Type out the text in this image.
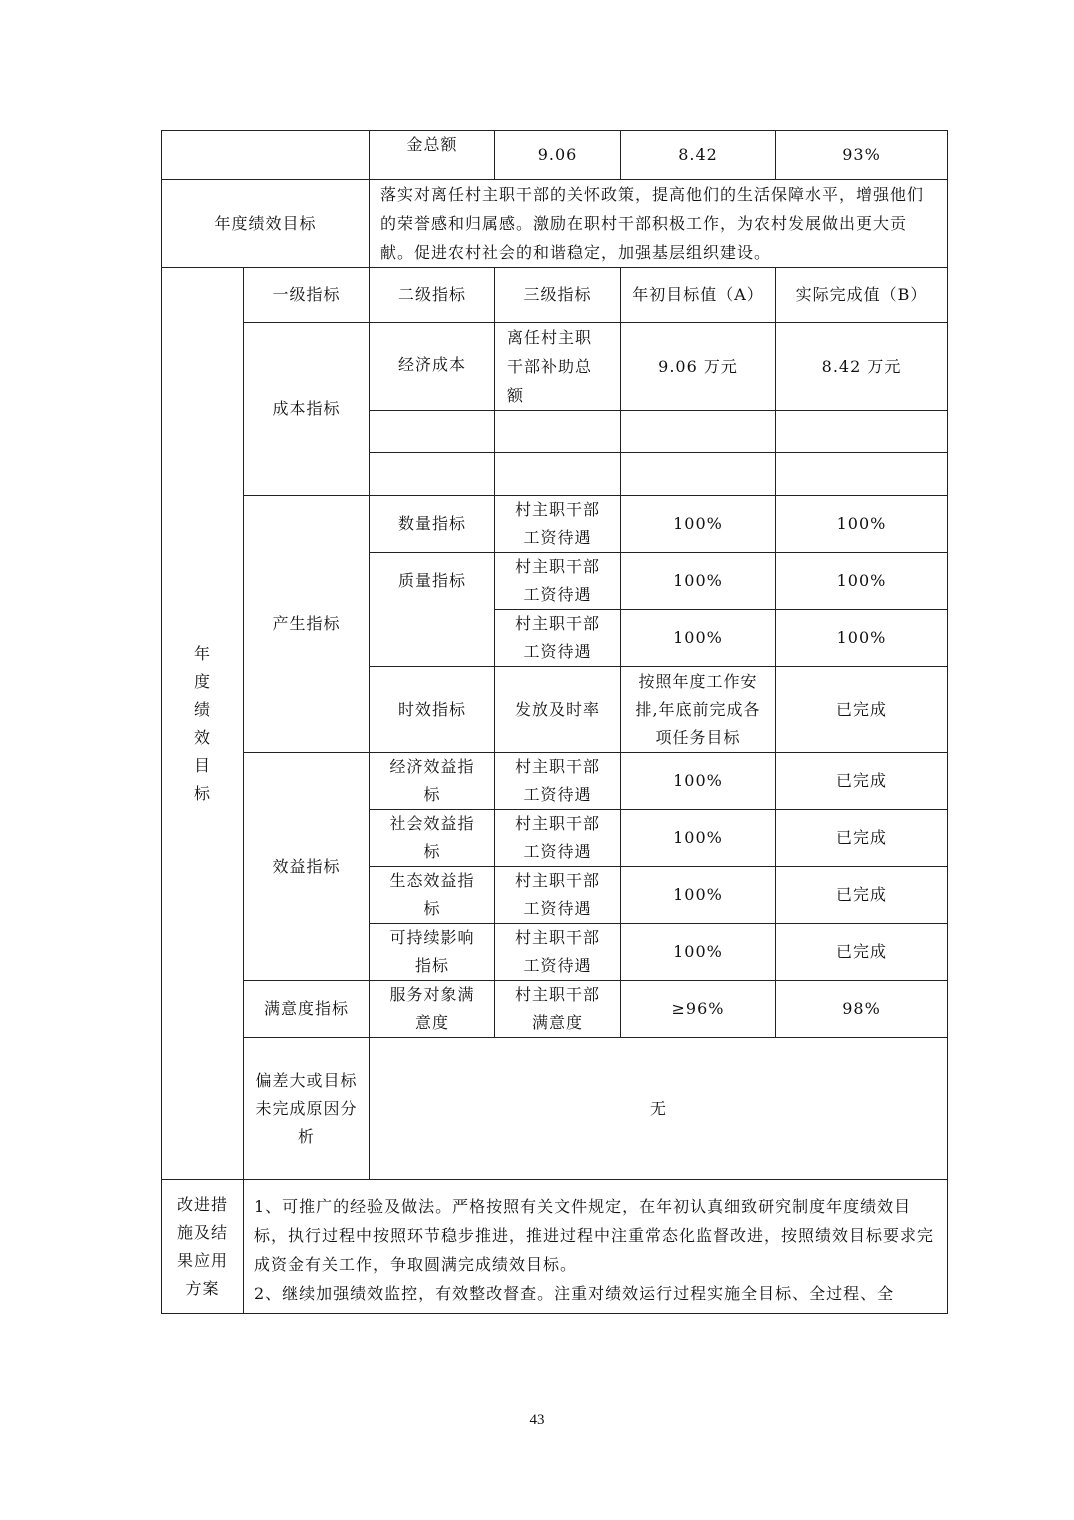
		金总额	9.06	8.42	93%
年度绩效目标		落实对离任村主职干部的关怀政策，提高他们的生活保障水平，增强他们的荣誉感和归属感。激励在职村干部积极工作，为农村发展做出更大贡献。促进农村社会的和谐稳定，加强基层组织建设。			
年度绩效目标	一级指标	二级指标	三级指标	年初目标值（A）	实际完成值（B）
	成本指标	经济成本	离任村主职干部补助总额	9.06 万元	8.42 万元

	产生指标	数量指标	村主职干部工资待遇	100%	100%
		质量指标	村主职干部工资待遇	100%	100%
			村主职干部工资待遇	100%	100%
		时效指标	发放及时率	按照年度工作安排,年底前完成各项任务目标	已完成
	效益指标	经济效益指标	村主职干部工资待遇	100%	已完成
		社会效益指标	村主职干部工资待遇	100%	已完成
		生态效益指标	村主职干部工资待遇	100%	已完成
		可持续影响指标	村主职干部工资待遇	100%	已完成
	满意度指标	服务对象满意度	村主职干部满意度	≥96%	98%
	偏差大或目标未完成原因分析	无			
改进措施及结果应用方案	1、可推广的经验及做法。严格按照有关文件规定，在年初认真细致研究制度年度绩效目标，执行过程中按照环节稳步推进，推进过程中注重常态化监督改进，按照绩效目标要求完成资金有关工作，争取圆满完成绩效目标。
2、继续加强绩效监控，有效整改督查。注重对绩效运行过程实施全目标、全过程、全				
43
